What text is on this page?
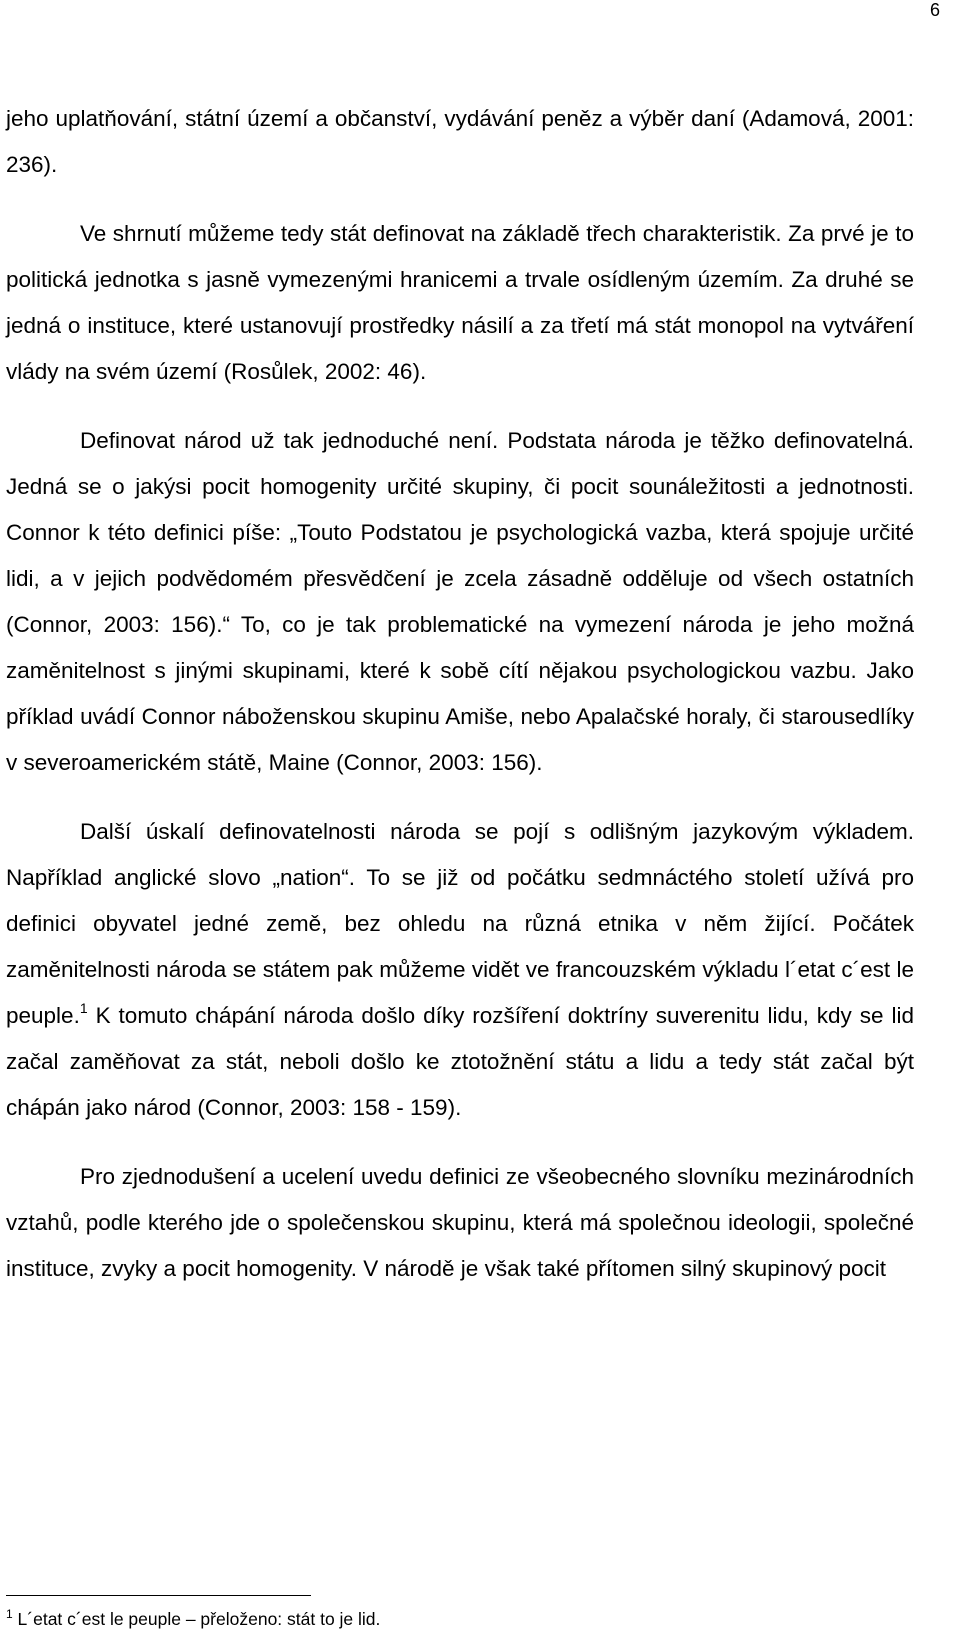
6

jeho uplatňování, státní území a občanství, vydávání peněz a výběr daní (Adamová, 2001: 236).

Ve shrnutí můžeme tedy stát definovat na základě třech charakteristik. Za prvé je to politická jednotka s jasně vymezenými hranicemi a trvale osídleným územím. Za druhé se jedná o instituce, které ustanovují prostředky násilí a za třetí má stát monopol na vytváření vlády na svém území (Rosůlek, 2002: 46).

Definovat národ už tak jednoduché není. Podstata národa je těžko definovatelná. Jedná se o jakýsi pocit homogenity určité skupiny, či pocit sounáležitosti a jednotnosti. Connor k této definici píše: „Touto Podstatou je psychologická vazba, která spojuje určité lidi, a v jejich podvědomém přesvědčení je zcela zásadně odděluje od všech ostatních (Connor, 2003: 156).“ To, co je tak problematické na vymezení národa je jeho možná zaměnitelnost s jinými skupinami, které k sobě cítí nějakou psychologickou vazbu. Jako příklad uvádí Connor náboženskou skupinu Amiše, nebo Apalačské horaly, či starousedlíky v severoamerickém státě, Maine (Connor, 2003: 156).

Další úskalí definovatelnosti národa se pojí s odlišným jazykovým výkladem. Například anglické slovo „nation“. To se již od počátku sedmnáctého století užívá pro definici obyvatel jedné země, bez ohledu na různá etnika v něm žijící. Počátek zaměnitelnosti národa se státem pak můžeme vidět ve francouzském výkladu l´etat c´est le peuple.$^1$ K tomuto chápání národa došlo díky rozšíření doktríny suverenitu lidu, kdy se lid začal zaměňovat za stát, neboli došlo ke ztotožnění státu a lidu a tedy stát začal být chápán jako národ (Connor, 2003: 158 - 159).

Pro zjednodušení a ucelení uvedu definici ze všeobecného slovníku mezinárodních vztahů, podle kterého jde o společenskou skupinu, která má společnou ideologii, společné instituce, zvyky a pocit homogenity. V národě je však také přítomen silný skupinový pocit

$^1$ L´etat c´est le peuple – přeloženo: stát to je lid.
